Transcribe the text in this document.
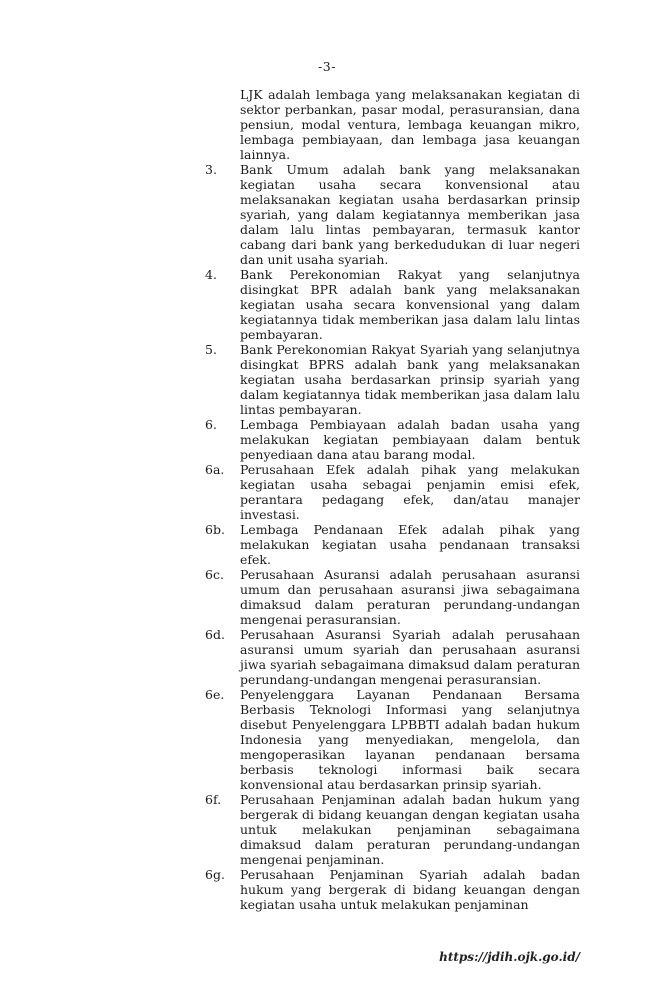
-3-
LJK adalah lembaga yang melaksanakan kegiatan di sektor perbankan, pasar modal, perasuransian, dana pensiun, modal ventura, lembaga keuangan mikro, lembaga pembiayaan, dan lembaga jasa keuangan lainnya.
3.	Bank Umum adalah bank yang melaksanakan kegiatan usaha secara konvensional atau melaksanakan kegiatan usaha berdasarkan prinsip syariah, yang dalam kegiatannya memberikan jasa dalam lalu lintas pembayaran, termasuk kantor cabang dari bank yang berkedudukan di luar negeri dan unit usaha syariah.
4.	Bank Perekonomian Rakyat yang selanjutnya disingkat BPR adalah bank yang melaksanakan kegiatan usaha secara konvensional yang dalam kegiatannya tidak memberikan jasa dalam lalu lintas pembayaran.
5.	Bank Perekonomian Rakyat Syariah yang selanjutnya disingkat BPRS adalah bank yang melaksanakan kegiatan usaha berdasarkan prinsip syariah yang dalam kegiatannya tidak memberikan jasa dalam lalu lintas pembayaran.
6.	Lembaga Pembiayaan adalah badan usaha yang melakukan kegiatan pembiayaan dalam bentuk penyediaan dana atau barang modal.
6a.	Perusahaan Efek adalah pihak yang melakukan kegiatan usaha sebagai penjamin emisi efek, perantara pedagang efek, dan/atau manajer investasi.
6b.	Lembaga Pendanaan Efek adalah pihak yang melakukan kegiatan usaha pendanaan transaksi efek.
6c.	Perusahaan Asuransi adalah perusahaan asuransi umum dan perusahaan asuransi jiwa sebagaimana dimaksud dalam peraturan perundang-undangan mengenai perasuransian.
6d.	Perusahaan Asuransi Syariah adalah perusahaan asuransi umum syariah dan perusahaan asuransi jiwa syariah sebagaimana dimaksud dalam peraturan perundang-undangan mengenai perasuransian.
6e.	Penyelenggara Layanan Pendanaan Bersama Berbasis Teknologi Informasi yang selanjutnya disebut Penyelenggara LPBBTI adalah badan hukum Indonesia yang menyediakan, mengelola, dan mengoperasikan layanan pendanaan bersama berbasis teknologi informasi baik secara konvensional atau berdasarkan prinsip syariah.
6f.	Perusahaan Penjaminan adalah badan hukum yang bergerak di bidang keuangan dengan kegiatan usaha untuk melakukan penjaminan sebagaimana dimaksud dalam peraturan perundang-undangan mengenai penjaminan.
6g.	Perusahaan Penjaminan Syariah adalah badan hukum yang bergerak di bidang keuangan dengan kegiatan usaha untuk melakukan penjaminan
https://jdih.ojk.go.id/
